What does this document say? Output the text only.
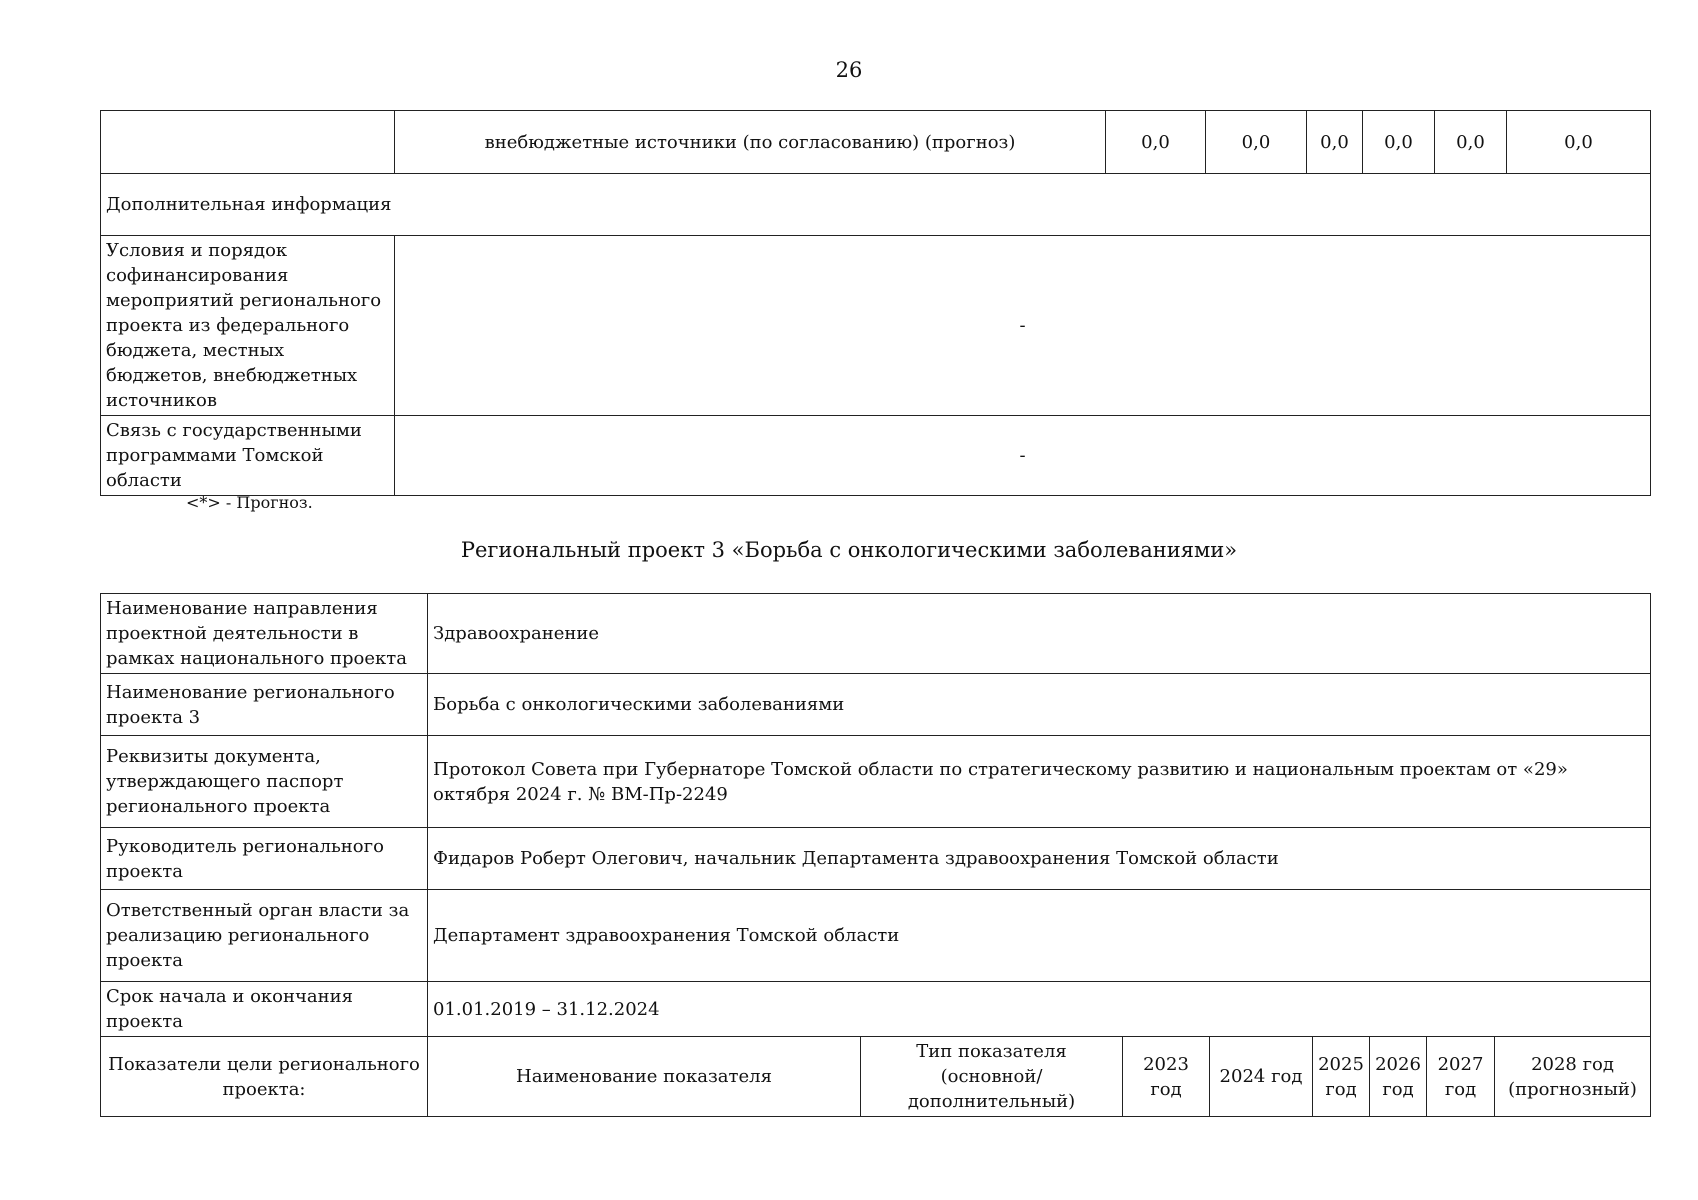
26
	внебюджетные источники (по согласованию) (прогноз)	0,0	0,0	0,0	0,0	0,0	0,0
Дополнительная информация							
Условия и порядок софинансирования мероприятий регионального проекта из федерального бюджета, местных бюджетов, внебюджетных источников	-						
Связь с государственными программами Томской области	-						
<*> - Прогноз.
Региональный проект 3 «Борьба с онкологическими заболеваниями»
Наименование направления проектной деятельности в рамках национального проекта	Здравоохранение							
Наименование регионального проекта 3	Борьба с онкологическими заболеваниями							
Реквизиты документа, утверждающего паспорт регионального проекта	Протокол Совета при Губернаторе Томской области по стратегическому развитию и национальным проектам от «29» октября 2024 г. № ВМ-Пр-2249							
Руководитель регионального проекта	Фидаров Роберт Олегович, начальник Департамента здравоохранения Томской области							
Ответственный орган власти за реализацию регионального проекта	Департамент здравоохранения Томской области							
Срок начала и окончания проекта	01.01.2019 – 31.12.2024							
Показатели цели регионального проекта:	Наименование показателя	Тип показателя (основной/ дополнительный)	2023 год	2024 год	2025 год	2026 год	2027 год	2028 год (прогнозный)
